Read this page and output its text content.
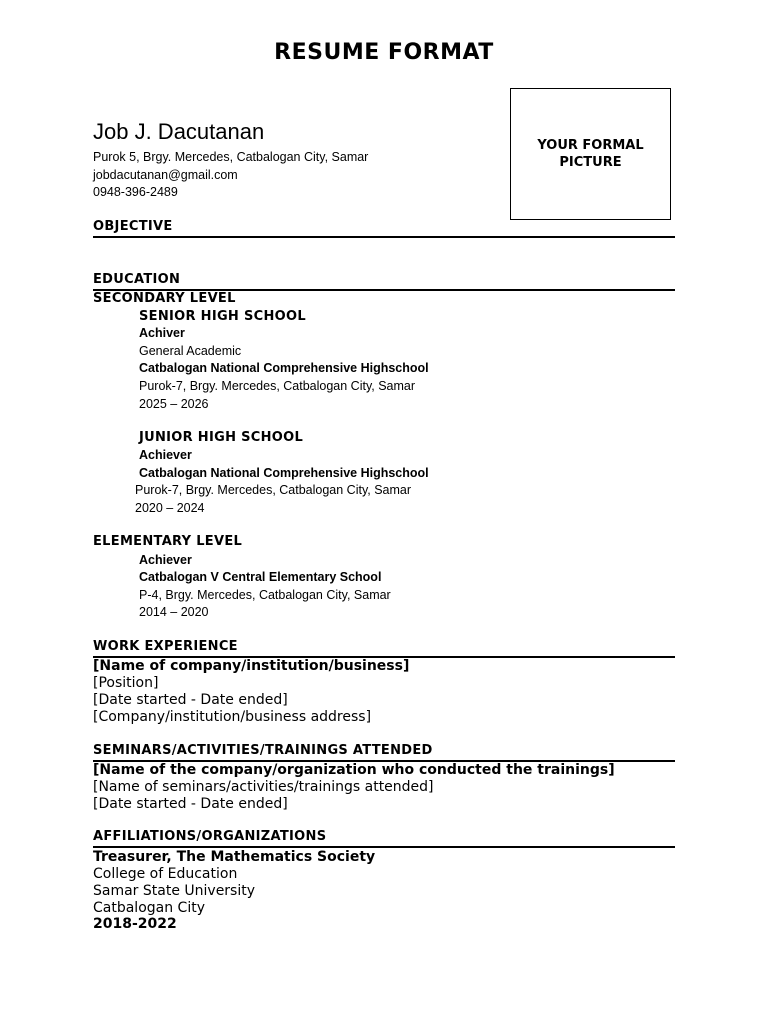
RESUME FORMAT
YOUR FORMAL PICTURE
Job J. Dacutanan
Purok 5, Brgy. Mercedes, Catbalogan City, Samar
jobdacutanan@gmail.com
0948-396-2489
OBJECTIVE
EDUCATION
SECONDARY LEVEL
SENIOR HIGH SCHOOL
Achiver
General Academic
Catbalogan National Comprehensive Highschool
Purok-7, Brgy. Mercedes, Catbalogan City, Samar
2025 – 2026
JUNIOR HIGH SCHOOL
Achiever
Catbalogan National Comprehensive Highschool
Purok-7, Brgy. Mercedes, Catbalogan City, Samar
2020 – 2024
ELEMENTARY LEVEL
Achiever
Catbalogan V Central Elementary School
P-4, Brgy. Mercedes, Catbalogan City, Samar
2014 – 2020
WORK EXPERIENCE
[Name of company/institution/business]
[Position]
[Date started - Date ended]
[Company/institution/business address]
SEMINARS/ACTIVITIES/TRAININGS ATTENDED
[Name of the company/organization who conducted the trainings]
[Name of seminars/activities/trainings attended]
[Date started - Date ended]
AFFILIATIONS/ORGANIZATIONS
Treasurer, The Mathematics Society
College of Education
Samar State University
Catbalogan City
2018-2022
